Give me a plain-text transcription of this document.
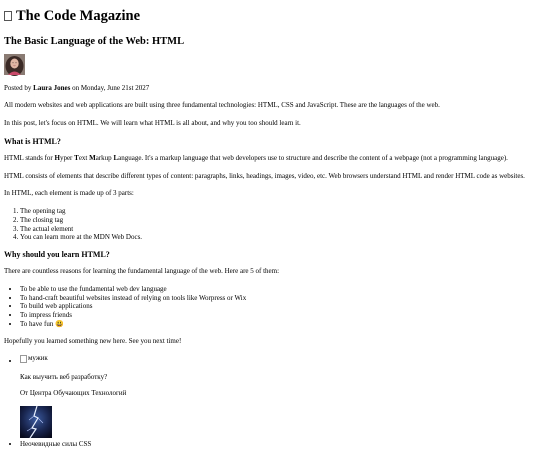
The Code Magazine
The Basic Language of the Web: HTML

Posted by Laura Jones on Monday, June 21st 2027

All modern websites and web applications are built using three fundamental technologies: HTML, CSS and JavaScript. These are the languages of the web.

In this post, let's focus on HTML. We will learn what HTML is all about, and why you too should learn it.

What is HTML?

HTML stands for Hyper Text Markup Language. It's a markup language that web developers use to structure and describe the content of a webpage (not a programming language).

HTML consists of elements that describe different types of content: paragraphs, links, headings, images, video, etc. Web browsers understand HTML and render HTML code as websites.

In HTML, each element is made up of 3 parts:

1. The opening tag
2. The closing tag
3. The actual element
4. You can learn more at the MDN Web Docs.
Why should you learn HTML?

There are countless reasons for learning the fundamental language of the web. Here are 5 of them:

• To be able to use the fundamental web dev language
• To hand-craft beautiful websites instead of relying on tools like Worpress or Wix
• To build web applications
• To impress friends
• To have fun 😃

Hopefully you learned something new here. See you next time!

• мужик

Как выучить веб разработку?

От Центра Обучающих Технологий

• Неочевидные силы CSS
